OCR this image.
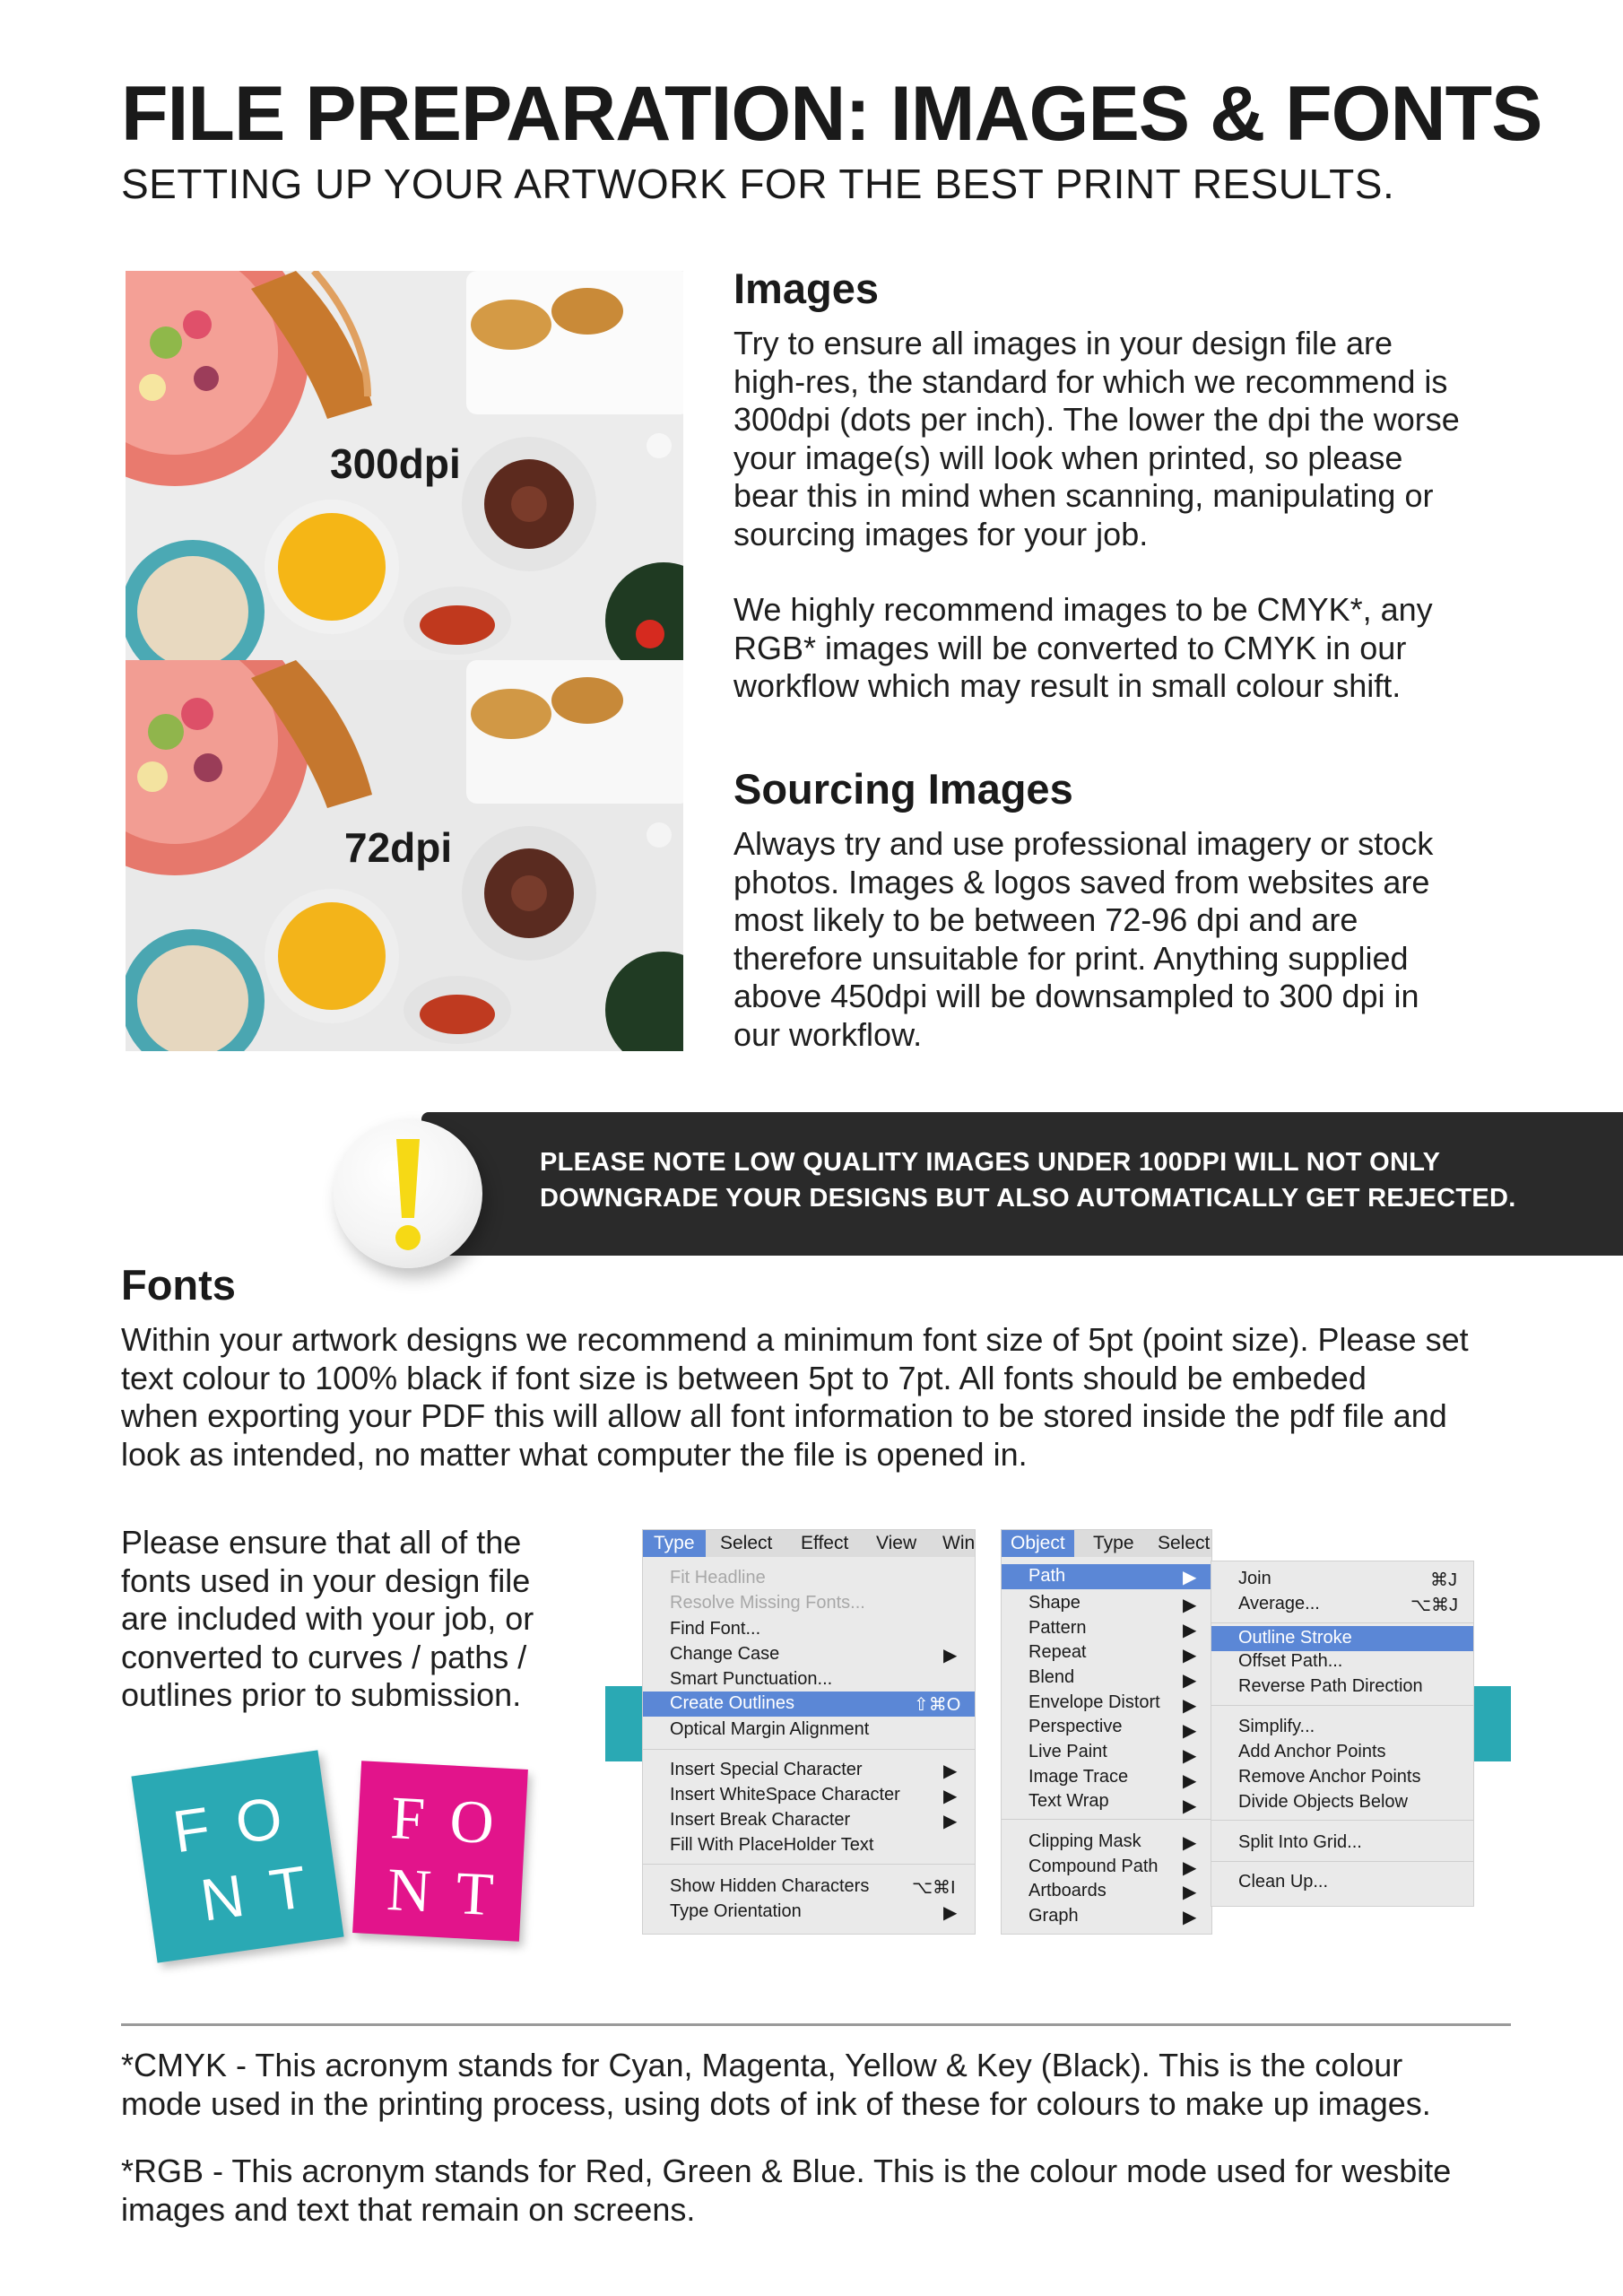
FILE PREPARATION: IMAGES & FONTS
SETTING UP YOUR ARTWORK FOR THE BEST PRINT RESULTS.
300dpi
72dpi
Images
Try to ensure all images in your design file are
high-res, the standard for which we recommend is
300dpi (dots per inch). The lower the dpi the worse
your image(s) will look when printed, so please
bear this in mind when scanning, manipulating or
sourcing images for your job.
We highly recommend images to be CMYK*, any
RGB* images will be converted to CMYK in our
workflow which may result in small colour shift.
Sourcing Images
Always try and use professional imagery or stock
photos. Images & logos saved from websites are
most likely to be between 72-96 dpi and are
therefore unsuitable for print. Anything supplied
above 450dpi will be downsampled to 300 dpi in
our workflow.
PLEASE NOTE LOW QUALITY IMAGES UNDER 100DPI WILL NOT ONLY
DOWNGRADE YOUR DESIGNS BUT ALSO AUTOMATICALLY GET REJECTED.
Fonts
Within your artwork designs we recommend a minimum font size of 5pt (point size). Please set
text colour to 100% black if font size is between 5pt to 7pt. All fonts should be embeded
when exporting your PDF this will allow all font information to be stored inside the pdf file and
look as intended, no matter what computer the file is opened in.
Please ensure that all of the
fonts used in your design file
are included with your job, or
converted to curves / paths /
outlines prior to submission.
FO
NT
FO
NT
Type	Select Effect View Win
Fit Headline
Resolve Missing Fonts...
Find Font...
Change Case	▶
Smart Punctuation...
Create Outlines	⇧⌘O
Optical Margin Alignment
Insert Special Character	▶
Insert WhiteSpace Character ▶
Insert Break Character	▶
Fill With PlaceHolder Text
Show Hidden Characters ⌥⌘I
Type Orientation	▶
Object	Type Select
Path	▶
Shape
Pattern
Repeat
Blend
Envelope Distort
Perspective
Live Paint
Image Trace
Text Wrap
Clipping Mask
Compound Path
Artboards
Graph
▶
▶
▶
▶
▶
▶
▶
▶
▶
▶
▶
▶
▶
Join	⌘J
Average...	⌥⌘J
Outline Stroke
Offset Path...
Reverse Path Direction
Simplify...
Add Anchor Points
Remove Anchor Points
Divide Objects Below
Split Into Grid...
Clean Up...
*CMYK - This acronym stands for Cyan, Magenta, Yellow & Key (Black). This is the colour
mode used in the printing process, using dots of ink of these for colours to make up images.
*RGB - This acronym stands for Red, Green & Blue. This is the colour mode used for wesbite
images and text that remain on screens.
